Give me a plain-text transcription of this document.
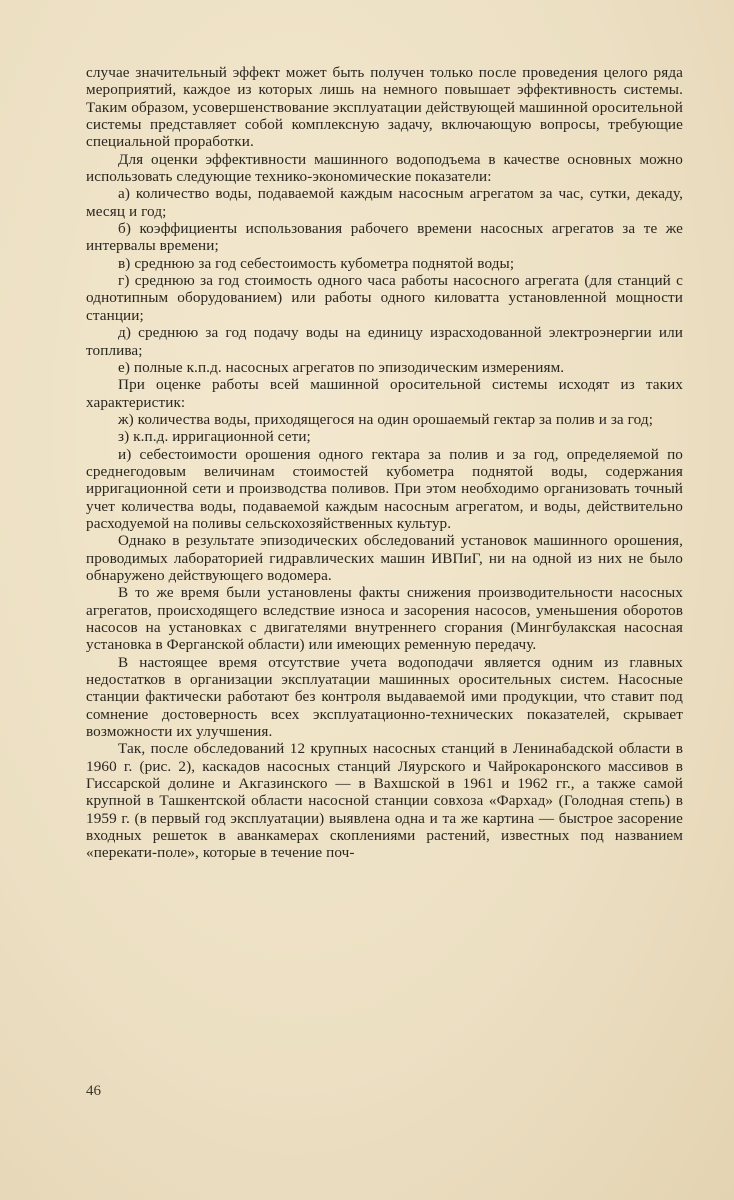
случае значительный эффект может быть получен только после проведения целого ряда мероприятий, каждое из которых лишь на немного повышает эффективность системы. Таким образом, усовершенствование эксплуатации действующей машинной оросительной системы представляет собой комплексную задачу, включающую вопросы, требующие специальной проработки.

Для оценки эффективности машинного водоподъема в качестве основных можно использовать следующие технико-экономические показатели:

а) количество воды, подаваемой каждым насосным агрегатом за час, сутки, декаду, месяц и год;

б) коэффициенты использования рабочего времени насосных агрегатов за те же интервалы времени;

в) среднюю за год себестоимость кубометра поднятой воды;

г) среднюю за год стоимость одного часа работы насосного агрегата (для станций с однотипным оборудованием) или работы одного киловатта установленной мощности станции;

д) среднюю за год подачу воды на единицу израсходованной электроэнергии или топлива;

е) полные к.п.д. насосных агрегатов по эпизодическим измерениям.

При оценке работы всей машинной оросительной системы исходят из таких характеристик:

ж) количества воды, приходящегося на один орошаемый гектар за полив и за год;

з) к.п.д. ирригационной сети;

и) себестоимости орошения одного гектара за полив и за год, определяемой по среднегодовым величинам стоимостей кубометра поднятой воды, содержания ирригационной сети и производства поливов. При этом необходимо организовать точный учет количества воды, подаваемой каждым насосным агрегатом, и воды, действительно расходуемой на поливы сельскохозяйственных культур.

Однако в результате эпизодических обследований установок машинного орошения, проводимых лабораторией гидравлических машин ИВПиГ, ни на одной из них не было обнаружено действующего водомера.

В то же время были установлены факты снижения производительности насосных агрегатов, происходящего вследствие износа и засорения насосов, уменьшения оборотов насосов на установках с двигателями внутреннего сгорания (Мингбулакская насосная установка в Ферганской области) или имеющих ременную передачу.

В настоящее время отсутствие учета водоподачи является одним из главных недостатков в организации эксплуатации машинных оросительных систем. Насосные станции фактически работают без контроля выдаваемой ими продукции, что ставит под сомнение достоверность всех эксплуатационно-технических показателей, скрывает возможности их улучшения.

Так, после обследований 12 крупных насосных станций в Ленинабадской области в 1960 г. (рис. 2), каскадов насосных станций Ляурского и Чайрокаронского массивов в Гиссарской долине и Акгазинского — в Вахшской в 1961 и 1962 гг., а также самой крупной в Ташкентской области насосной станции совхоза «Фархад» (Голодная степь) в 1959 г. (в первый год эксплуатации) выявлена одна и та же картина — быстрое засорение входных решеток в аванкамерах скоплениями растений, известных под названием «перекати-поле», которые в течение поч-

46
